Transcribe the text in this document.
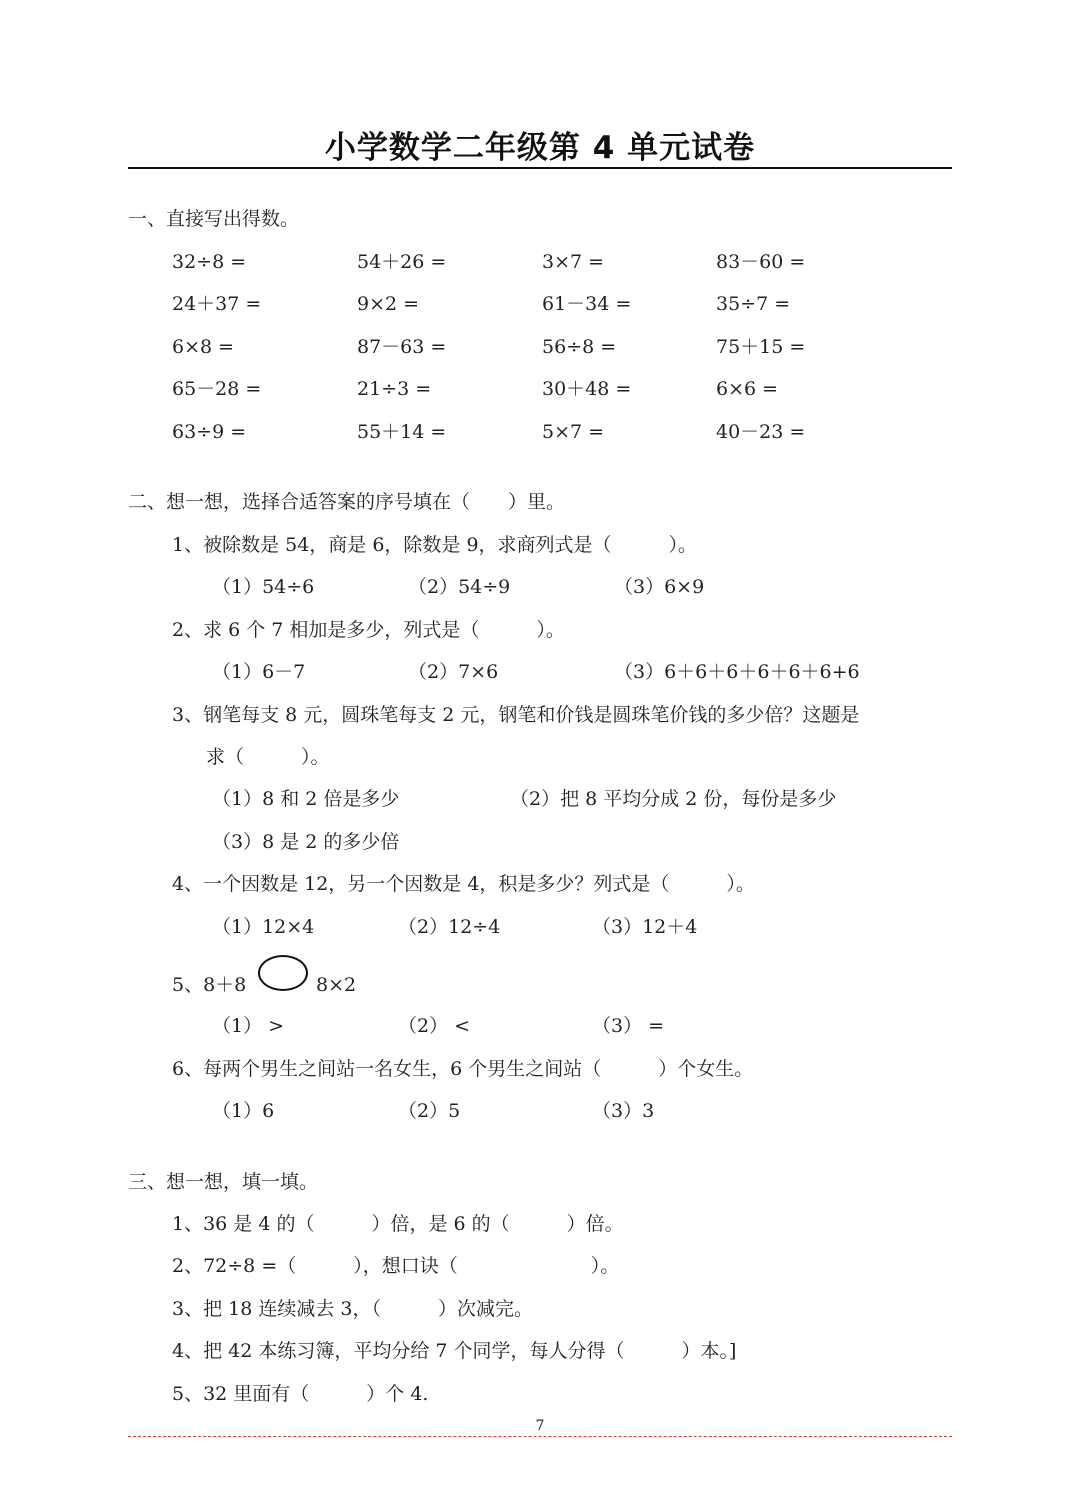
小学数学二年级第 4 单元试卷
一、直接写出得数。
32÷8 =	54＋26 =	3×7 =	83－60 =
24＋37 =	9×2 =	61－34 =	35÷7 =
6×8 =	87－63 =	56÷8 =	75＋15 =
65－28 =	21÷3 =	30＋48 =	6×6 =
63÷9 =	55＋14 =	5×7 =	40－23 =
二、想一想，选择合适答案的序号填在（　　）里。
1、被除数是 54，商是 6，除数是 9，求商列式是（　　　）。
（1）54÷6	（2）54÷9	（3）6×9
2、求 6 个 7 相加是多少，列式是（　　　）。
（1）6－7	（2）7×6	（3）6＋6＋6＋6＋6＋6+6
3、钢笔每支 8 元，圆珠笔每支 2 元，钢笔和价钱是圆珠笔价钱的多少倍？这题是
求（　　　）。
（1）8 和 2 倍是多少	（2）把 8 平均分成 2 份，每份是多少
（3）8 是 2 的多少倍
4、一个因数是 12，另一个因数是 4，积是多少？列式是（　　　）。
（1）12×4	（2）12÷4	（3）12＋4
5、8＋8	8×2
（1） >	（2） <	（3） =
6、每两个男生之间站一名女生，6 个男生之间站（　　　）个女生。
（1）6	（2）5	（3）3
三、想一想，填一填。
1、36 是 4 的（　　　）倍，是 6 的（　　　）倍。
2、72÷8 =（　　　），想口诀（　　　　　　　）。
3、把 18 连续减去 3，（　　　）次减完。
4、把 42 本练习簿，平均分给 7 个同学，每人分得（　　　）本。]
5、32 里面有（　　　）个 4.
7
